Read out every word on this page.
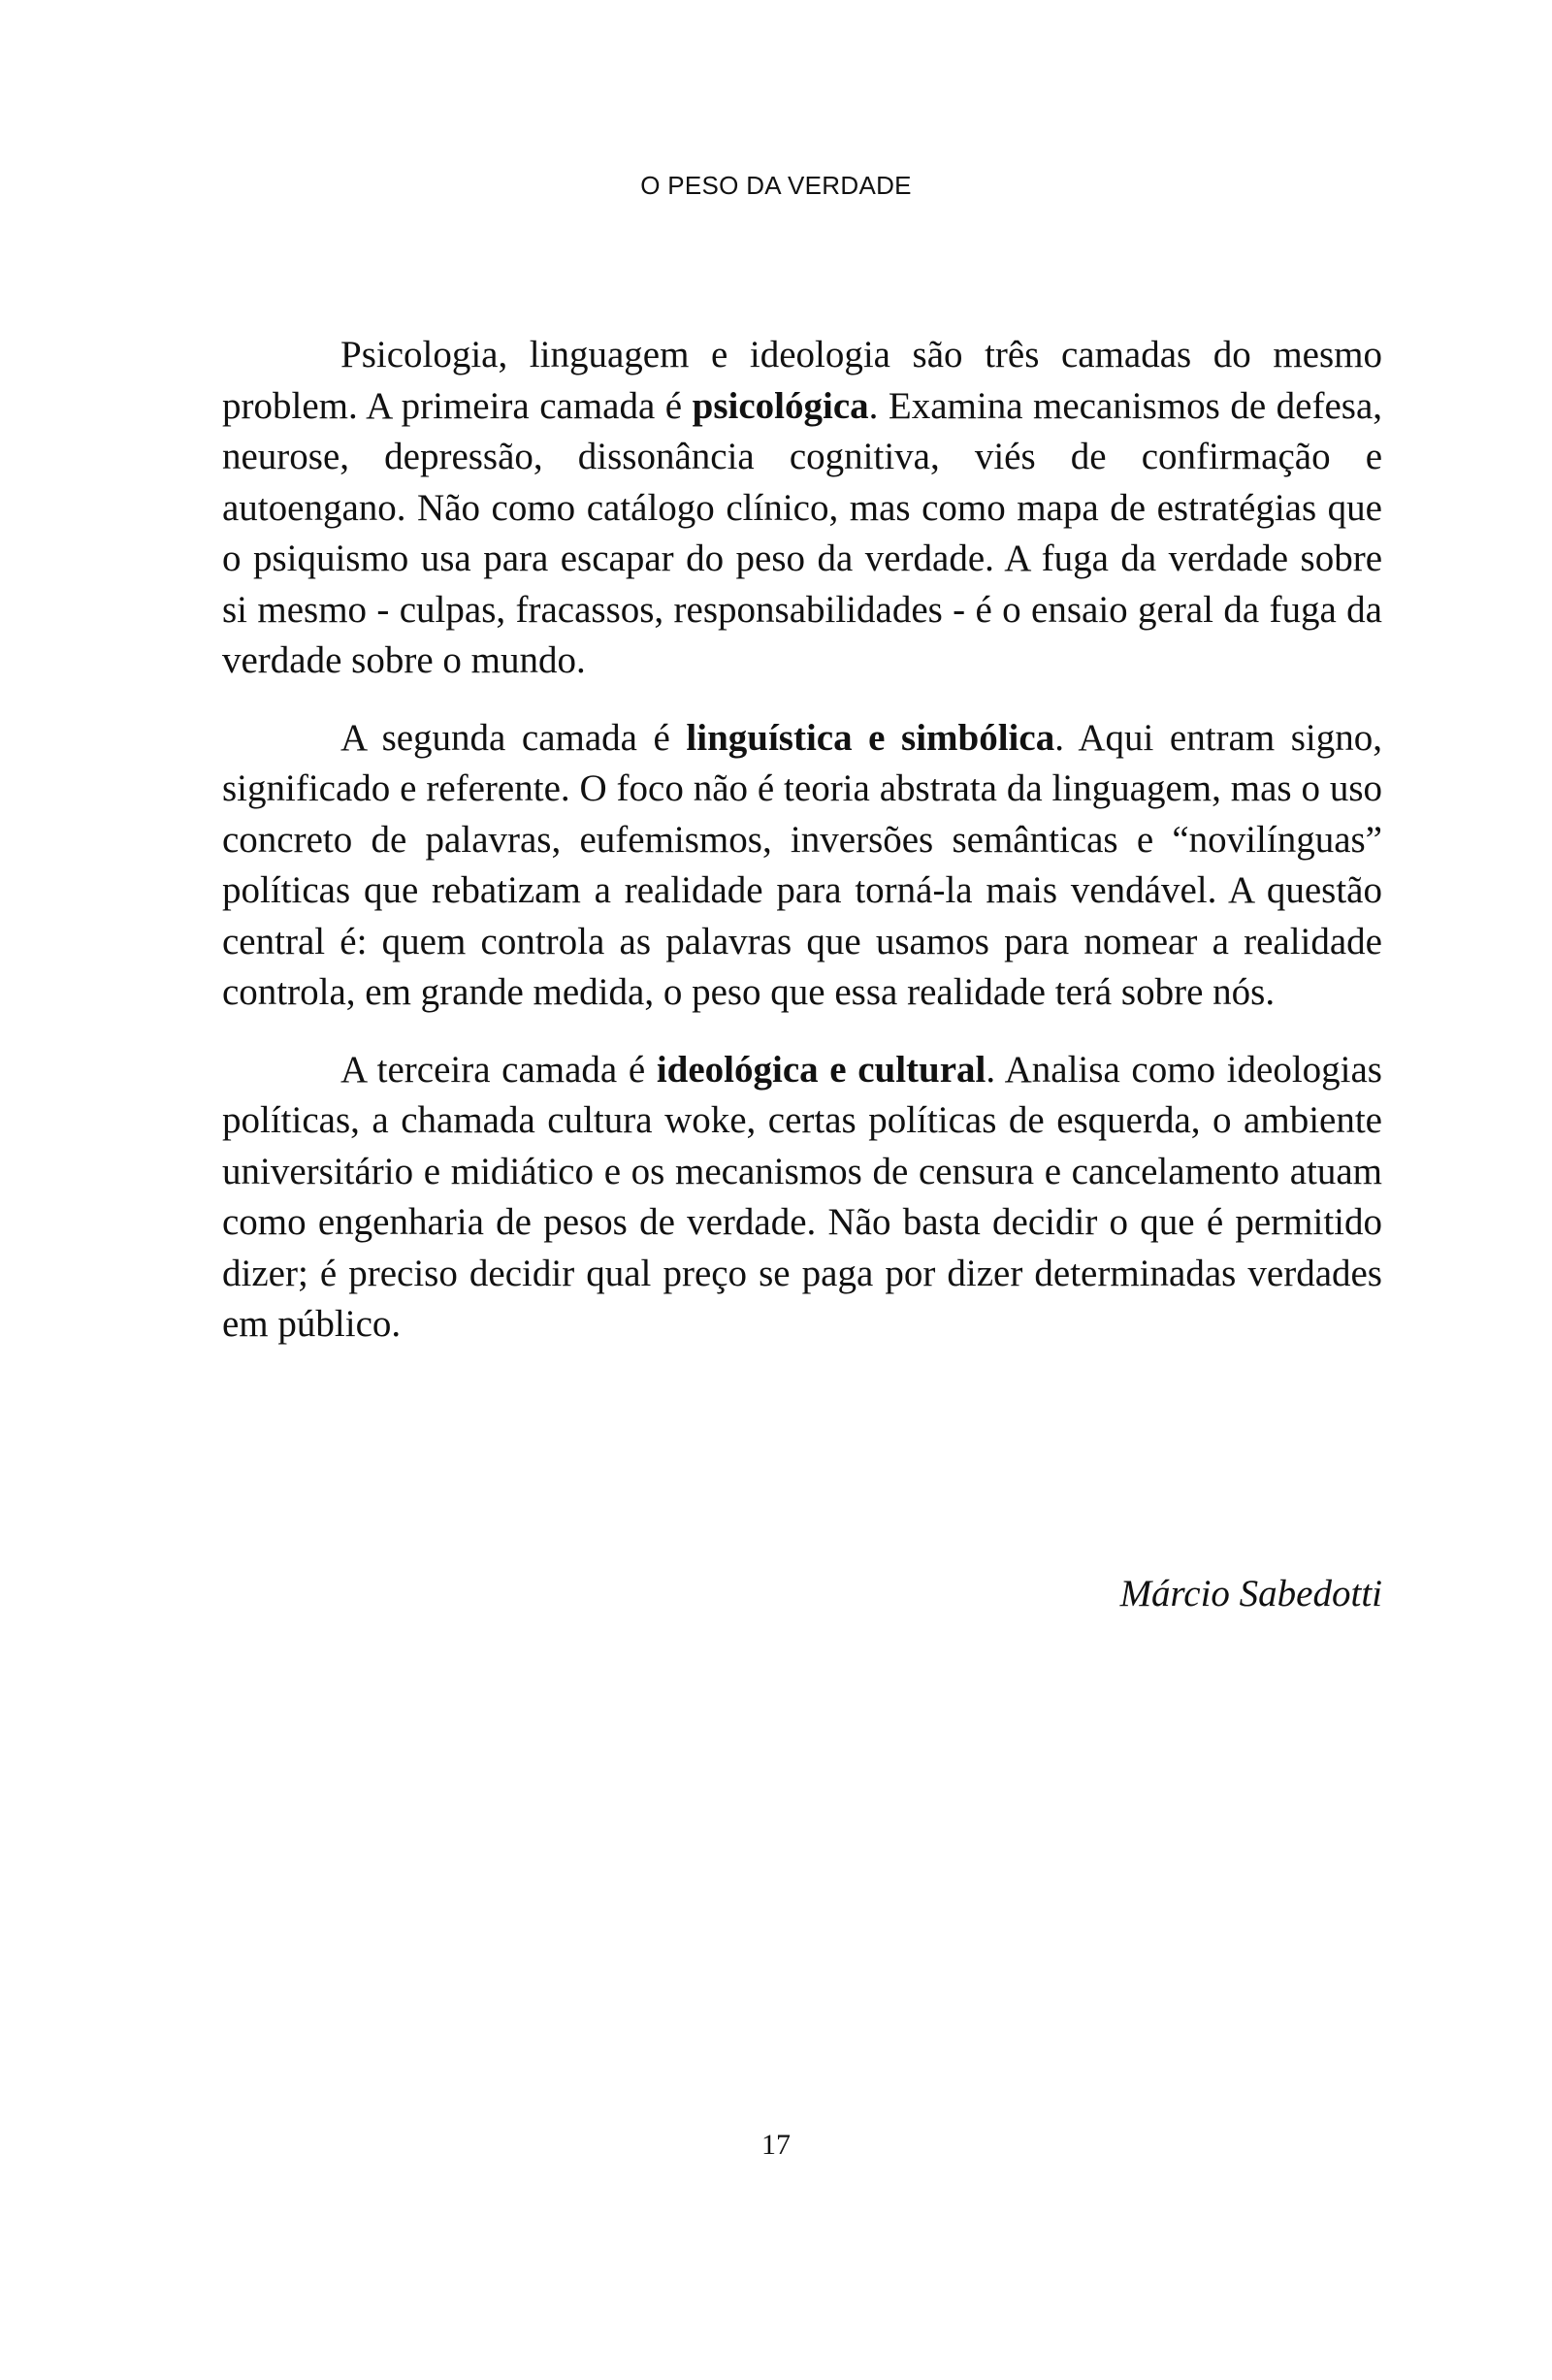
O PESO DA VERDADE

Psicologia, linguagem e ideologia são três camadas do mesmo problem. A primeira camada é psicológica. Examina mecanismos de defesa, neurose, depressão, dissonância cognitiva, viés de confirmação e autoengano. Não como catálogo clínico, mas como mapa de estratégias que o psiquismo usa para escapar do peso da verdade. A fuga da verdade sobre si mesmo - culpas, fracassos, responsabilidades - é o ensaio geral da fuga da verdade sobre o mundo.

A segunda camada é linguística e simbólica. Aqui entram signo, significado e referente. O foco não é teoria abstrata da linguagem, mas o uso concreto de palavras, eufemismos, inversões semânticas e “novilínguas” políticas que rebatizam a realidade para torná-la mais vendável. A questão central é: quem controla as palavras que usamos para nomear a realidade controla, em grande medida, o peso que essa realidade terá sobre nós.

A terceira camada é ideológica e cultural. Analisa como ideologias políticas, a chamada cultura woke, certas políticas de esquerda, o ambiente universitário e midiático e os mecanismos de censura e cancelamento atuam como engenharia de pesos de verdade. Não basta decidir o que é permitido dizer; é preciso decidir qual preço se paga por dizer determinadas verdades em público.

Márcio Sabedotti
17
